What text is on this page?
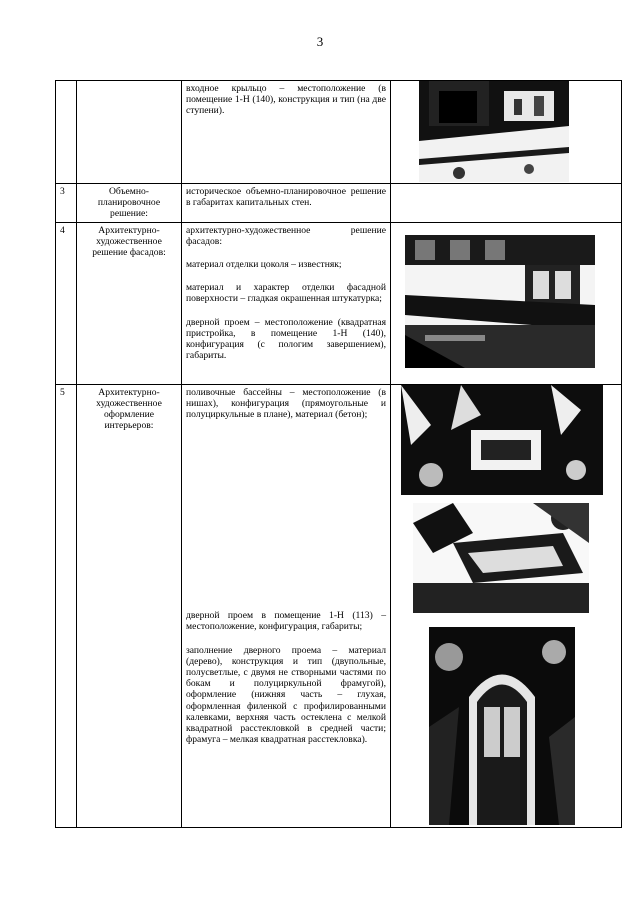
3

		входное крыльцо – местоположение (в помещение 1-Н (140), конструкция и тип (на две ступени).

3	Объемно-планировочное решение:	историческое объемно-планировочное решение в габаритах капитальных стен.	

4	Архитектурно-художественное решение фасадов:	архитектурно-художественное решение фасадов:

материал отделки цоколя – известняк;

материал и характер отделки фасадной поверхности – гладкая окрашенная штукатурка;

дверной проем – местоположение (квадратная пристройка, в помещение 1-Н (140), конфигурация (с пологим завершением), габариты.

5	Архитектурно-художественное оформление интерьеров:	поливочные бассейны – местоположение (в нишах), конфигурация (прямоугольные и полуциркульные в плане), материал (бетон);

дверной проем в помещение 1-Н (113) – местоположение, конфигурация, габариты;

заполнение дверного проема – материал (дерево), конструкция и тип (двупольные, полусветлые, с двумя не створными частями по бокам и полуциркульной фрамугой), оформление (нижняя часть – глухая, оформленная филенкой с профилированными калевками, верхняя часть остеклена с мелкой квадратной расстекловкой в средней части; фрамуга – мелкая квадратная расстекловка).
